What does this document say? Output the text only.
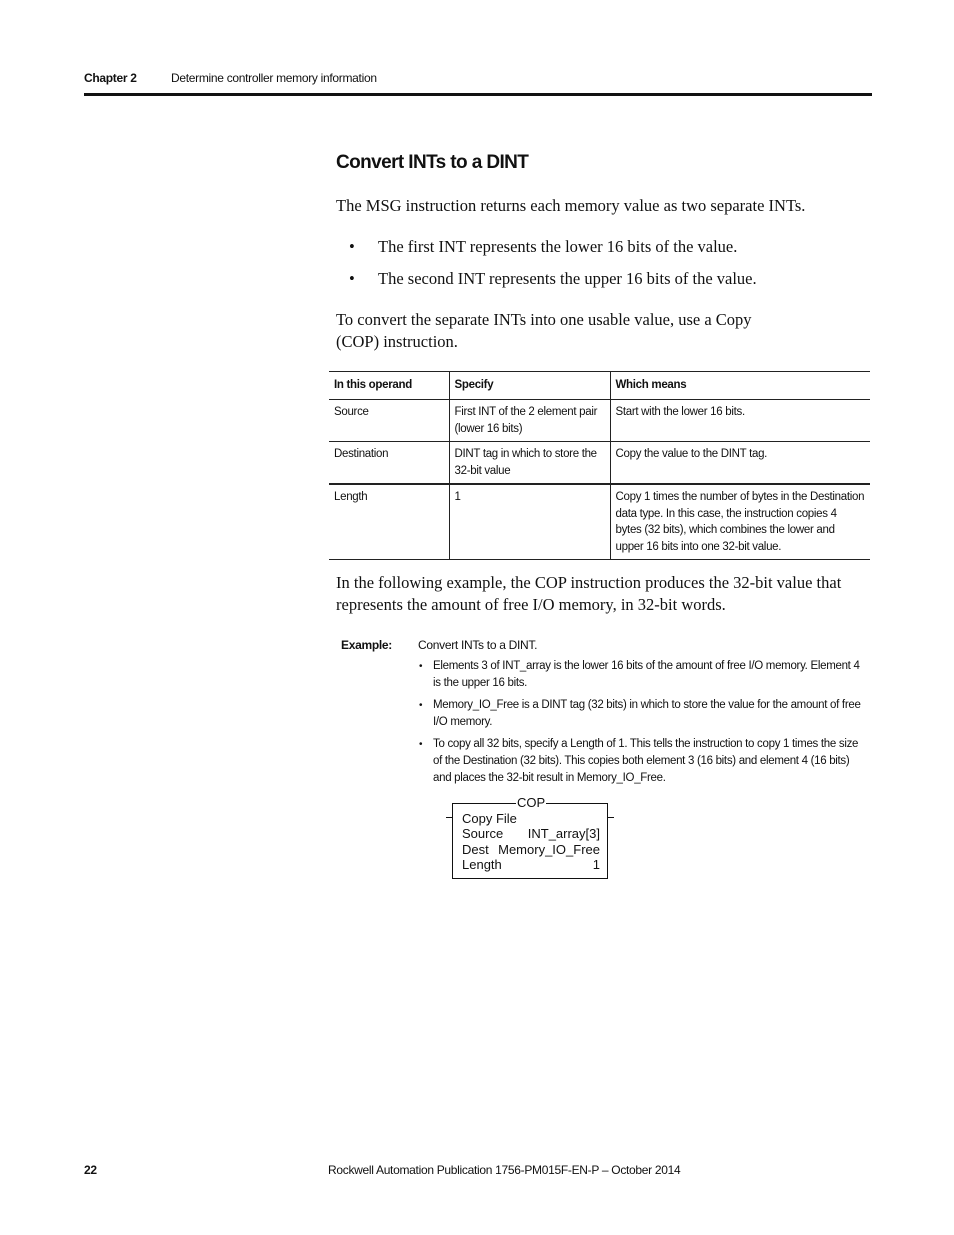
Chapter 2	Determine controller memory information
Convert INTs to a DINT
The MSG instruction returns each memory value as two separate INTs.
• The first INT represents the lower 16 bits of the value.
• The second INT represents the upper 16 bits of the value.
To convert the separate INTs into one usable value, use a Copy (COP) instruction.
In this operand	Specify	Which means
Source	First INT of the 2 element pair (lower 16 bits)	Start with the lower 16 bits.
Destination	DINT tag in which to store the 32-bit value	Copy the value to the DINT tag.
Length	1	Copy 1 times the number of bytes in the Destination data type. In this case, the instruction copies 4 bytes (32 bits), which combines the lower and upper 16 bits into one 32-bit value.
In the following example, the COP instruction produces the 32-bit value that represents the amount of free I/O memory, in 32-bit words.
Example: Convert INTs to a DINT.
• Elements 3 of INT_array is the lower 16 bits of the amount of free I/O memory. Element 4 is the upper 16 bits.
• Memory_IO_Free is a DINT tag (32 bits) in which to store the value for the amount of free I/O memory.
• To copy all 32 bits, specify a Length of 1. This tells the instruction to copy 1 times the size of the Destination (32 bits). This copies both element 3 (16 bits) and element 4 (16 bits) and places the 32-bit result in Memory_IO_Free.
COP
Copy File
Source INT_array[3]
Dest Memory_IO_Free
Length	1
22	Rockwell Automation Publication 1756-PM015F-EN-P – October 2014
